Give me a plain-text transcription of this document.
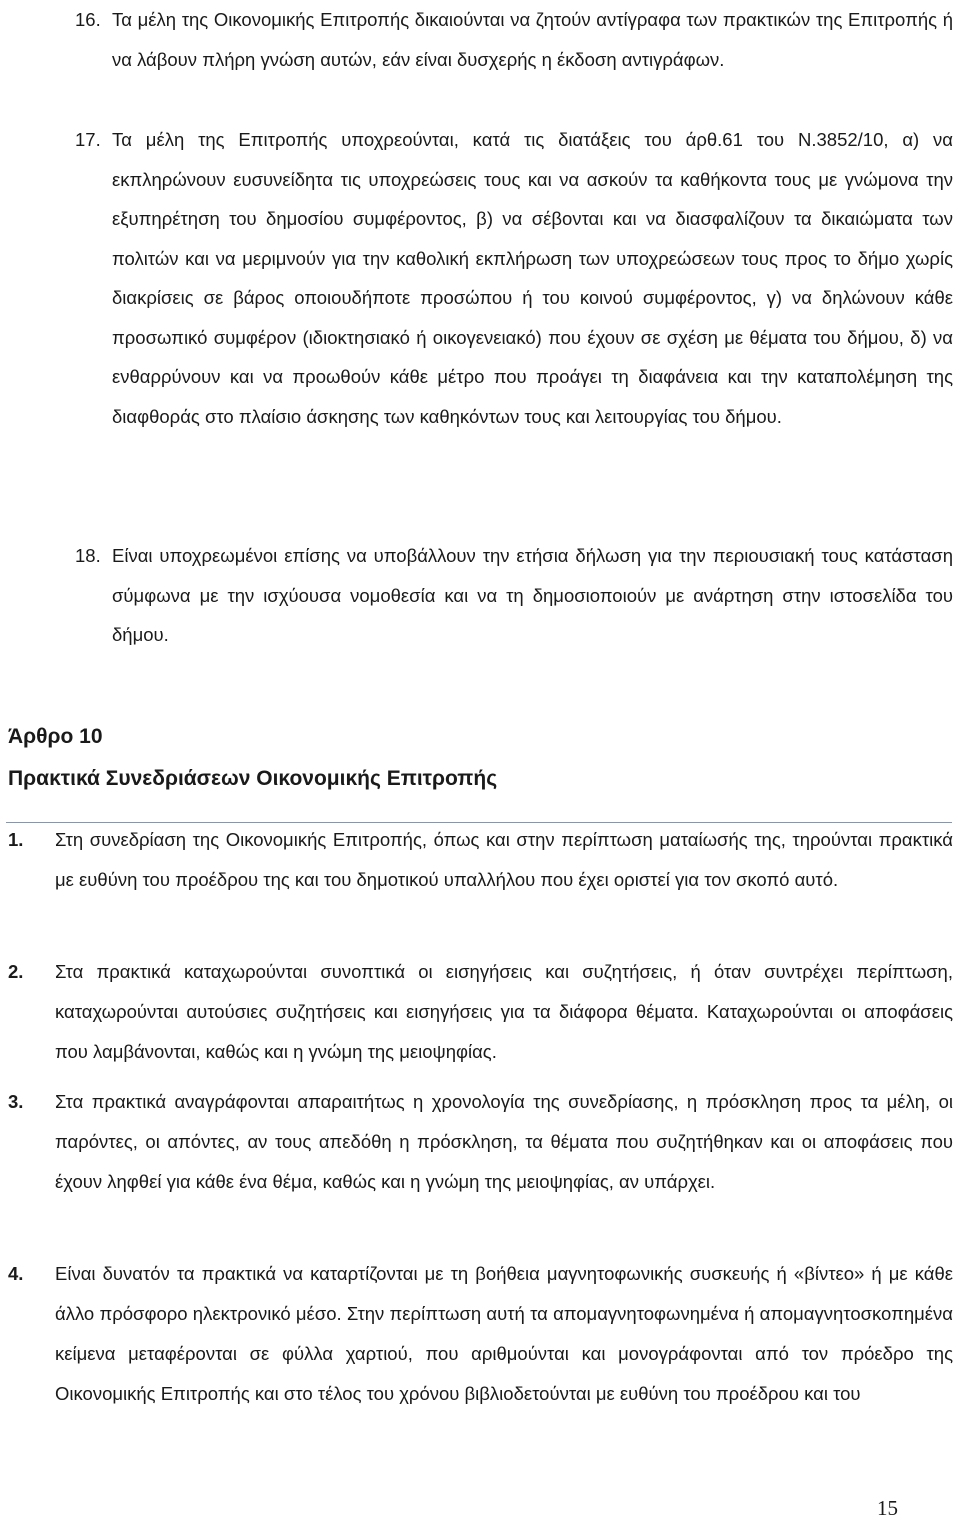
16. Τα μέλη της Οικονομικής Επιτροπής δικαιούνται να ζητούν αντίγραφα των πρακτικών της Επιτροπής ή να λάβουν πλήρη γνώση αυτών, εάν είναι δυσχερής η έκδοση αντιγράφων.
17. Τα μέλη της Επιτροπής υποχρεούνται, κατά τις διατάξεις του άρθ.61 του Ν.3852/10, α) να εκπληρώνουν ευσυνείδητα τις υποχρεώσεις τους και να ασκούν τα καθήκοντα τους με γνώμονα την εξυπηρέτηση του δημοσίου συμφέροντος, β) να σέβονται και να διασφαλίζουν τα δικαιώματα των πολιτών και να μεριμνούν για την καθολική εκπλήρωση των υποχρεώσεων τους προς το δήμο χωρίς διακρίσεις σε βάρος οποιουδήποτε προσώπου ή του κοινού συμφέροντος, γ) να δηλώνουν κάθε προσωπικό συμφέρον (ιδιοκτησιακό ή οικογενειακό) που έχουν σε σχέση με θέματα του δήμου, δ) να ενθαρρύνουν και να προωθούν κάθε μέτρο που προάγει τη διαφάνεια και την καταπολέμηση της διαφθοράς στο πλαίσιο άσκησης των καθηκόντων τους και λειτουργίας του δήμου.
18. Είναι υποχρεωμένοι επίσης να υποβάλλουν την ετήσια δήλωση για την περιουσιακή τους κατάσταση σύμφωνα με την ισχύουσα νομοθεσία και να τη δημοσιοποιούν με ανάρτηση στην ιστοσελίδα του δήμου.
Άρθρο 10
Πρακτικά Συνεδριάσεων Οικονομικής Επιτροπής
1. Στη συνεδρίαση της Οικονομικής Επιτροπής, όπως και στην περίπτωση ματαίωσής της, τηρούνται πρακτικά με ευθύνη του προέδρου της και του δημοτικού υπαλλήλου που έχει οριστεί για τον σκοπό αυτό.
2. Στα πρακτικά καταχωρούνται συνοπτικά οι εισηγήσεις και συζητήσεις, ή όταν συντρέχει περίπτωση, καταχωρούνται αυτούσιες συζητήσεις και εισηγήσεις για τα διάφορα θέματα. Καταχωρούνται οι αποφάσεις που λαμβάνονται, καθώς και η γνώμη της μειοψηφίας.
3. Στα πρακτικά αναγράφονται απαραιτήτως η χρονολογία της συνεδρίασης, η πρόσκληση προς τα μέλη, οι παρόντες, οι απόντες, αν τους απεδόθη η πρόσκληση, τα θέματα που συζητήθηκαν και οι αποφάσεις που έχουν ληφθεί για κάθε ένα θέμα, καθώς και η γνώμη της μειοψηφίας, αν υπάρχει.
4. Είναι δυνατόν τα πρακτικά να καταρτίζονται με τη βοήθεια μαγνητοφωνικής συσκευής ή «βίντεο» ή με κάθε άλλο πρόσφορο ηλεκτρονικό μέσο. Στην περίπτωση αυτή τα απομαγνητοφωνημένα ή απομαγνητοσκοπημένα κείμενα μεταφέρονται σε φύλλα χαρτιού, που αριθμούνται και μονογράφονται από τον πρόεδρο της Οικονομικής Επιτροπής και στο τέλος του χρόνου βιβλιοδετούνται με ευθύνη του προέδρου και του
15
